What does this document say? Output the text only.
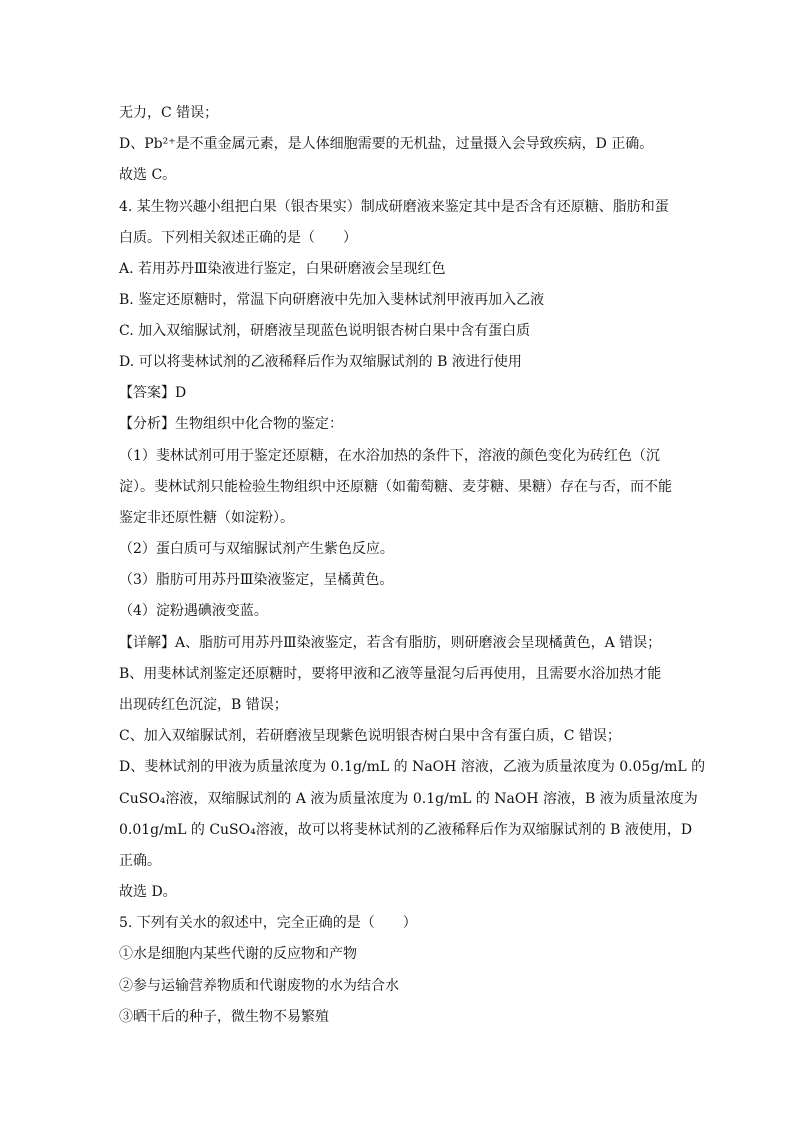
无力，C 错误；
D、Pb²⁺是不重金属元素，是人体细胞需要的无机盐，过量摄入会导致疾病，D 正确。
故选 C。
4. 某生物兴趣小组把白果（银杏果实）制成研磨液来鉴定其中是否含有还原糖、脂肪和蛋
白质。下列相关叙述正确的是（　　）
A. 若用苏丹Ⅲ染液进行鉴定，白果研磨液会呈现红色
B. 鉴定还原糖时，常温下向研磨液中先加入斐林试剂甲液再加入乙液
C. 加入双缩脲试剂，研磨液呈现蓝色说明银杏树白果中含有蛋白质
D. 可以将斐林试剂的乙液稀释后作为双缩脲试剂的 B 液进行使用
【答案】D
【分析】生物组织中化合物的鉴定：
（1）斐林试剂可用于鉴定还原糖，在水浴加热的条件下，溶液的颜色变化为砖红色（沉
淀）。斐林试剂只能检验生物组织中还原糖（如葡萄糖、麦芽糖、果糖）存在与否，而不能
鉴定非还原性糖（如淀粉）。
（2）蛋白质可与双缩脲试剂产生紫色反应。
（3）脂肪可用苏丹Ⅲ染液鉴定，呈橘黄色。
（4）淀粉遇碘液变蓝。
【详解】A、脂肪可用苏丹Ⅲ染液鉴定，若含有脂肪，则研磨液会呈现橘黄色，A 错误；
B、用斐林试剂鉴定还原糖时，要将甲液和乙液等量混匀后再使用，且需要水浴加热才能
出现砖红色沉淀，B 错误；
C、加入双缩脲试剂，若研磨液呈现紫色说明银杏树白果中含有蛋白质，C 错误；
D、斐林试剂的甲液为质量浓度为 0.1g/mL 的 NaOH 溶液，乙液为质量浓度为 0.05g/mL 的
CuSO₄溶液，双缩脲试剂的 A 液为质量浓度为 0.1g/mL 的 NaOH 溶液，B 液为质量浓度为
0.01g/mL 的 CuSO₄溶液，故可以将斐林试剂的乙液稀释后作为双缩脲试剂的 B 液使用，D
正确。
故选 D。
5. 下列有关水的叙述中，完全正确的是（　　）
①水是细胞内某些代谢的反应物和产物
②参与运输营养物质和代谢废物的水为结合水
③晒干后的种子，微生物不易繁殖
